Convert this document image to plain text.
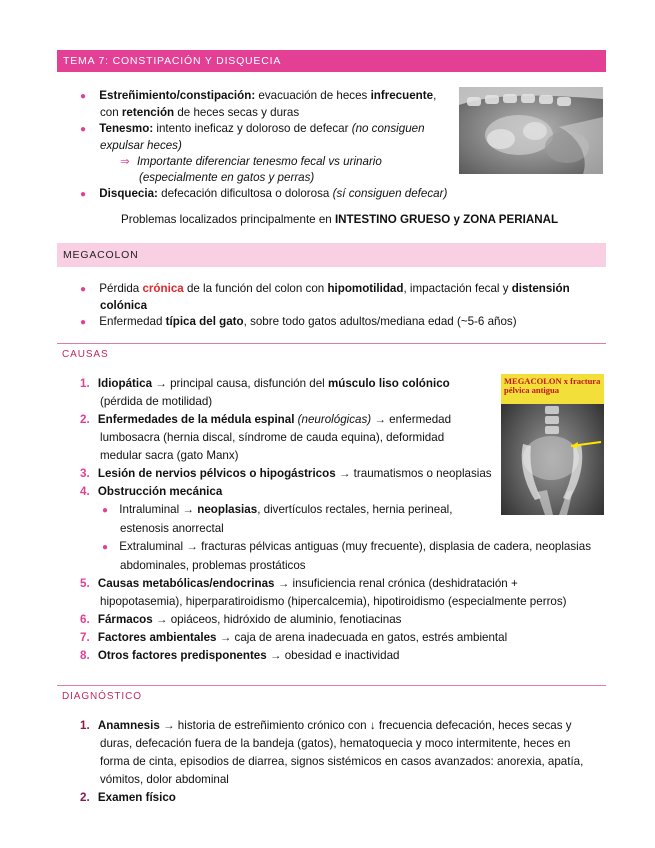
TEMA 7: CONSTIPACIÓN Y DISQUECIA
● Estreñimiento/constipación: evacuación de heces infrecuente,
con retención de heces secas y duras
● Tenesmo: intento ineficaz y doloroso de defecar (no consiguen
expulsar heces)
⇒ Importante diferenciar tenesmo fecal vs urinario
(especialmente en gatos y perras)
● Disquecia: defecación dificultosa o dolorosa (sí consiguen defecar)
Problemas localizados principalmente en INTESTINO GRUESO y ZONA PERIANAL
MEGACOLON
● Pérdida crónica de la función del colon con hipomotilidad, impactación fecal y distensión
colónica
● Enfermedad típica del gato, sobre todo gatos adultos/mediana edad (~5-6 años)
CAUSAS
MEGACOLON x fractura pélvica antigua
1. Idiopática → principal causa, disfunción del músculo liso colónico
(pérdida de motilidad)
2. Enfermedades de la médula espinal (neurológicas) → enfermedad
lumbosacra (hernia discal, síndrome de cauda equina), deformidad
medular sacra (gato Manx)
3. Lesión de nervios pélvicos o hipogástricos → traumatismos o neoplasias
4. Obstrucción mecánica
● Intraluminal → neoplasias, divertículos rectales, hernia perineal,
estenosis anorrectal
● Extraluminal → fracturas pélvicas antiguas (muy frecuente), displasia de cadera, neoplasias
abdominales, problemas prostáticos
5. Causas metabólicas/endocrinas → insuficiencia renal crónica (deshidratación +
hipopotasemia), hiperparatiroidismo (hipercalcemia), hipotiroidismo (especialmente perros)
6. Fármacos → opiáceos, hidróxido de aluminio, fenotiacinas
7. Factores ambientales → caja de arena inadecuada en gatos, estrés ambiental
8. Otros factores predisponentes → obesidad e inactividad
DIAGNÓSTICO
1. Anamnesis → historia de estreñimiento crónico con ↓ frecuencia defecación, heces secas y
duras, defecación fuera de la bandeja (gatos), hematoquecia y moco intermitente, heces en
forma de cinta, episodios de diarrea, signos sistémicos en casos avanzados: anorexia, apatía,
vómitos, dolor abdominal
2. Examen físico
